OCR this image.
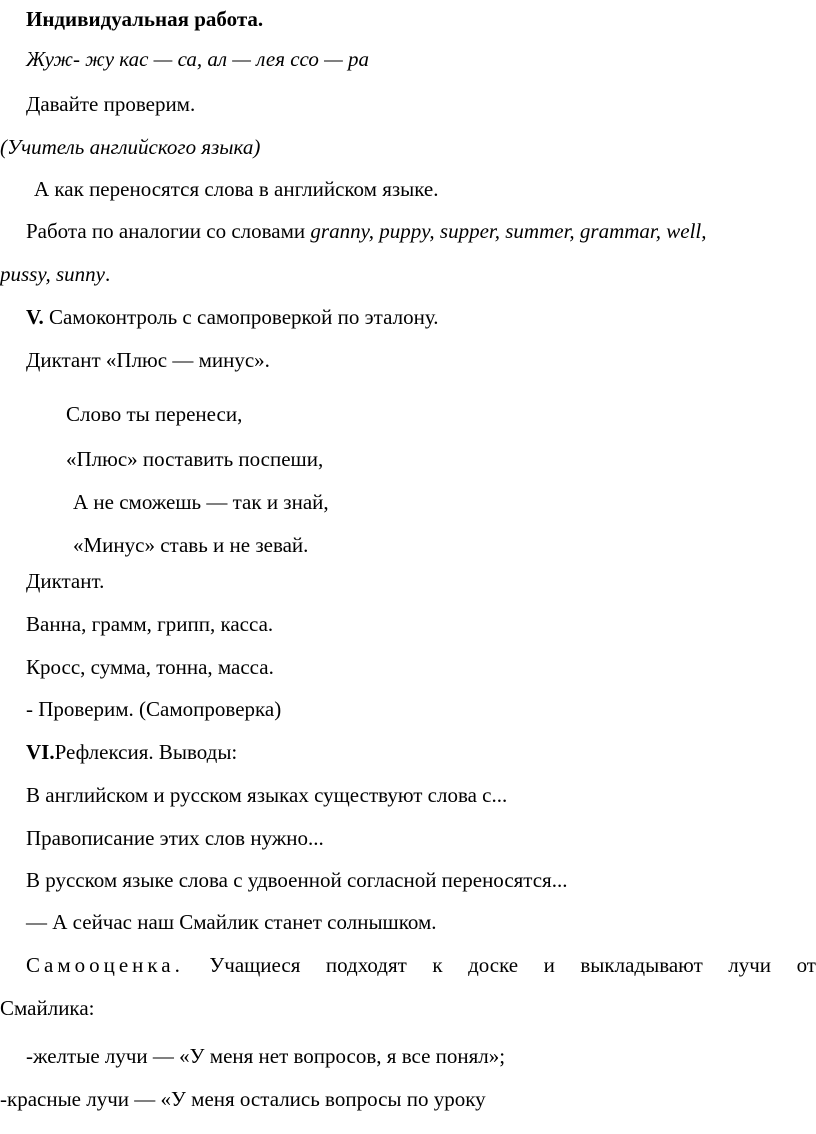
Индивидуальная работа.
Жуж- жу кас — са, ал — лея ссо — ра
Давайте проверим.
(Учитель английского языка)
А как переносятся слова в английском языке.
Работа по аналогии со словами granny, puppy, supper, summer, grammar, well,
pussy, sunny.
V. Самоконтроль с самопроверкой по эталону.
Диктант «Плюс — минус».
Слово ты перенеси,
«Плюс» поставить поспеши,
А не сможешь — так и знай,
«Минус» ставь и не зевай.
Диктант.
Ванна, грамм, грипп, касса.
Кросс, сумма, тонна, масса.
- Проверим. (Самопроверка)
VI.Рефлексия. Выводы:
В английском и русском языках существуют слова с...
Правописание этих слов нужно...
В русском языке слова с удвоенной согласной переносятся...
— А сейчас наш Смайлик станет солнышком.
Самооценка. Учащиеся подходят к доске и выкладывают лучи от
Смайлика:
-желтые лучи — «У меня нет вопросов, я все понял»;
-красные лучи — «У меня остались вопросы по уроку
